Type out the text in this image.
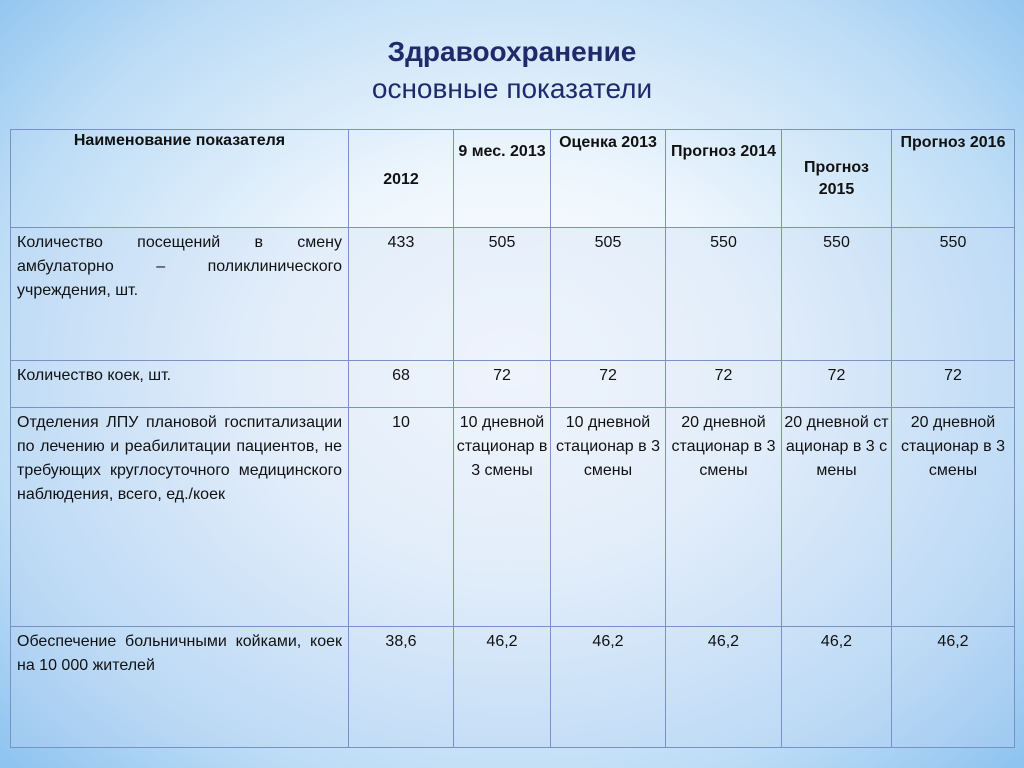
Здравоохранение
основные показатели
Наименование показателя	2012	9 мес. 2013	Оценка 2013	Прогноз 2014	Прогноз 2015	Прогноз 2016

Количество посещений в смену амбулаторно – поликлинического учреждения, шт.	433	505	505	550	550	550

Количество коек, шт.	68	72	72	72	72	72

Отделения ЛПУ плановой госпитализации по лечению и реабилитации пациентов, не требующих круглосуточного медицинского наблюдения, всего, ед./коек	10	10 дневной стационар в 3 смены	10 дневной стационар в 3 смены	20 дневной стационар в 3 смены	20 дневной стационар в 3 смены	20 дневной стационар в 3 смены

Обеспечение больничными койками, коек на 10 000 жителей	38,6	46,2	46,2	46,2	46,2	46,2
